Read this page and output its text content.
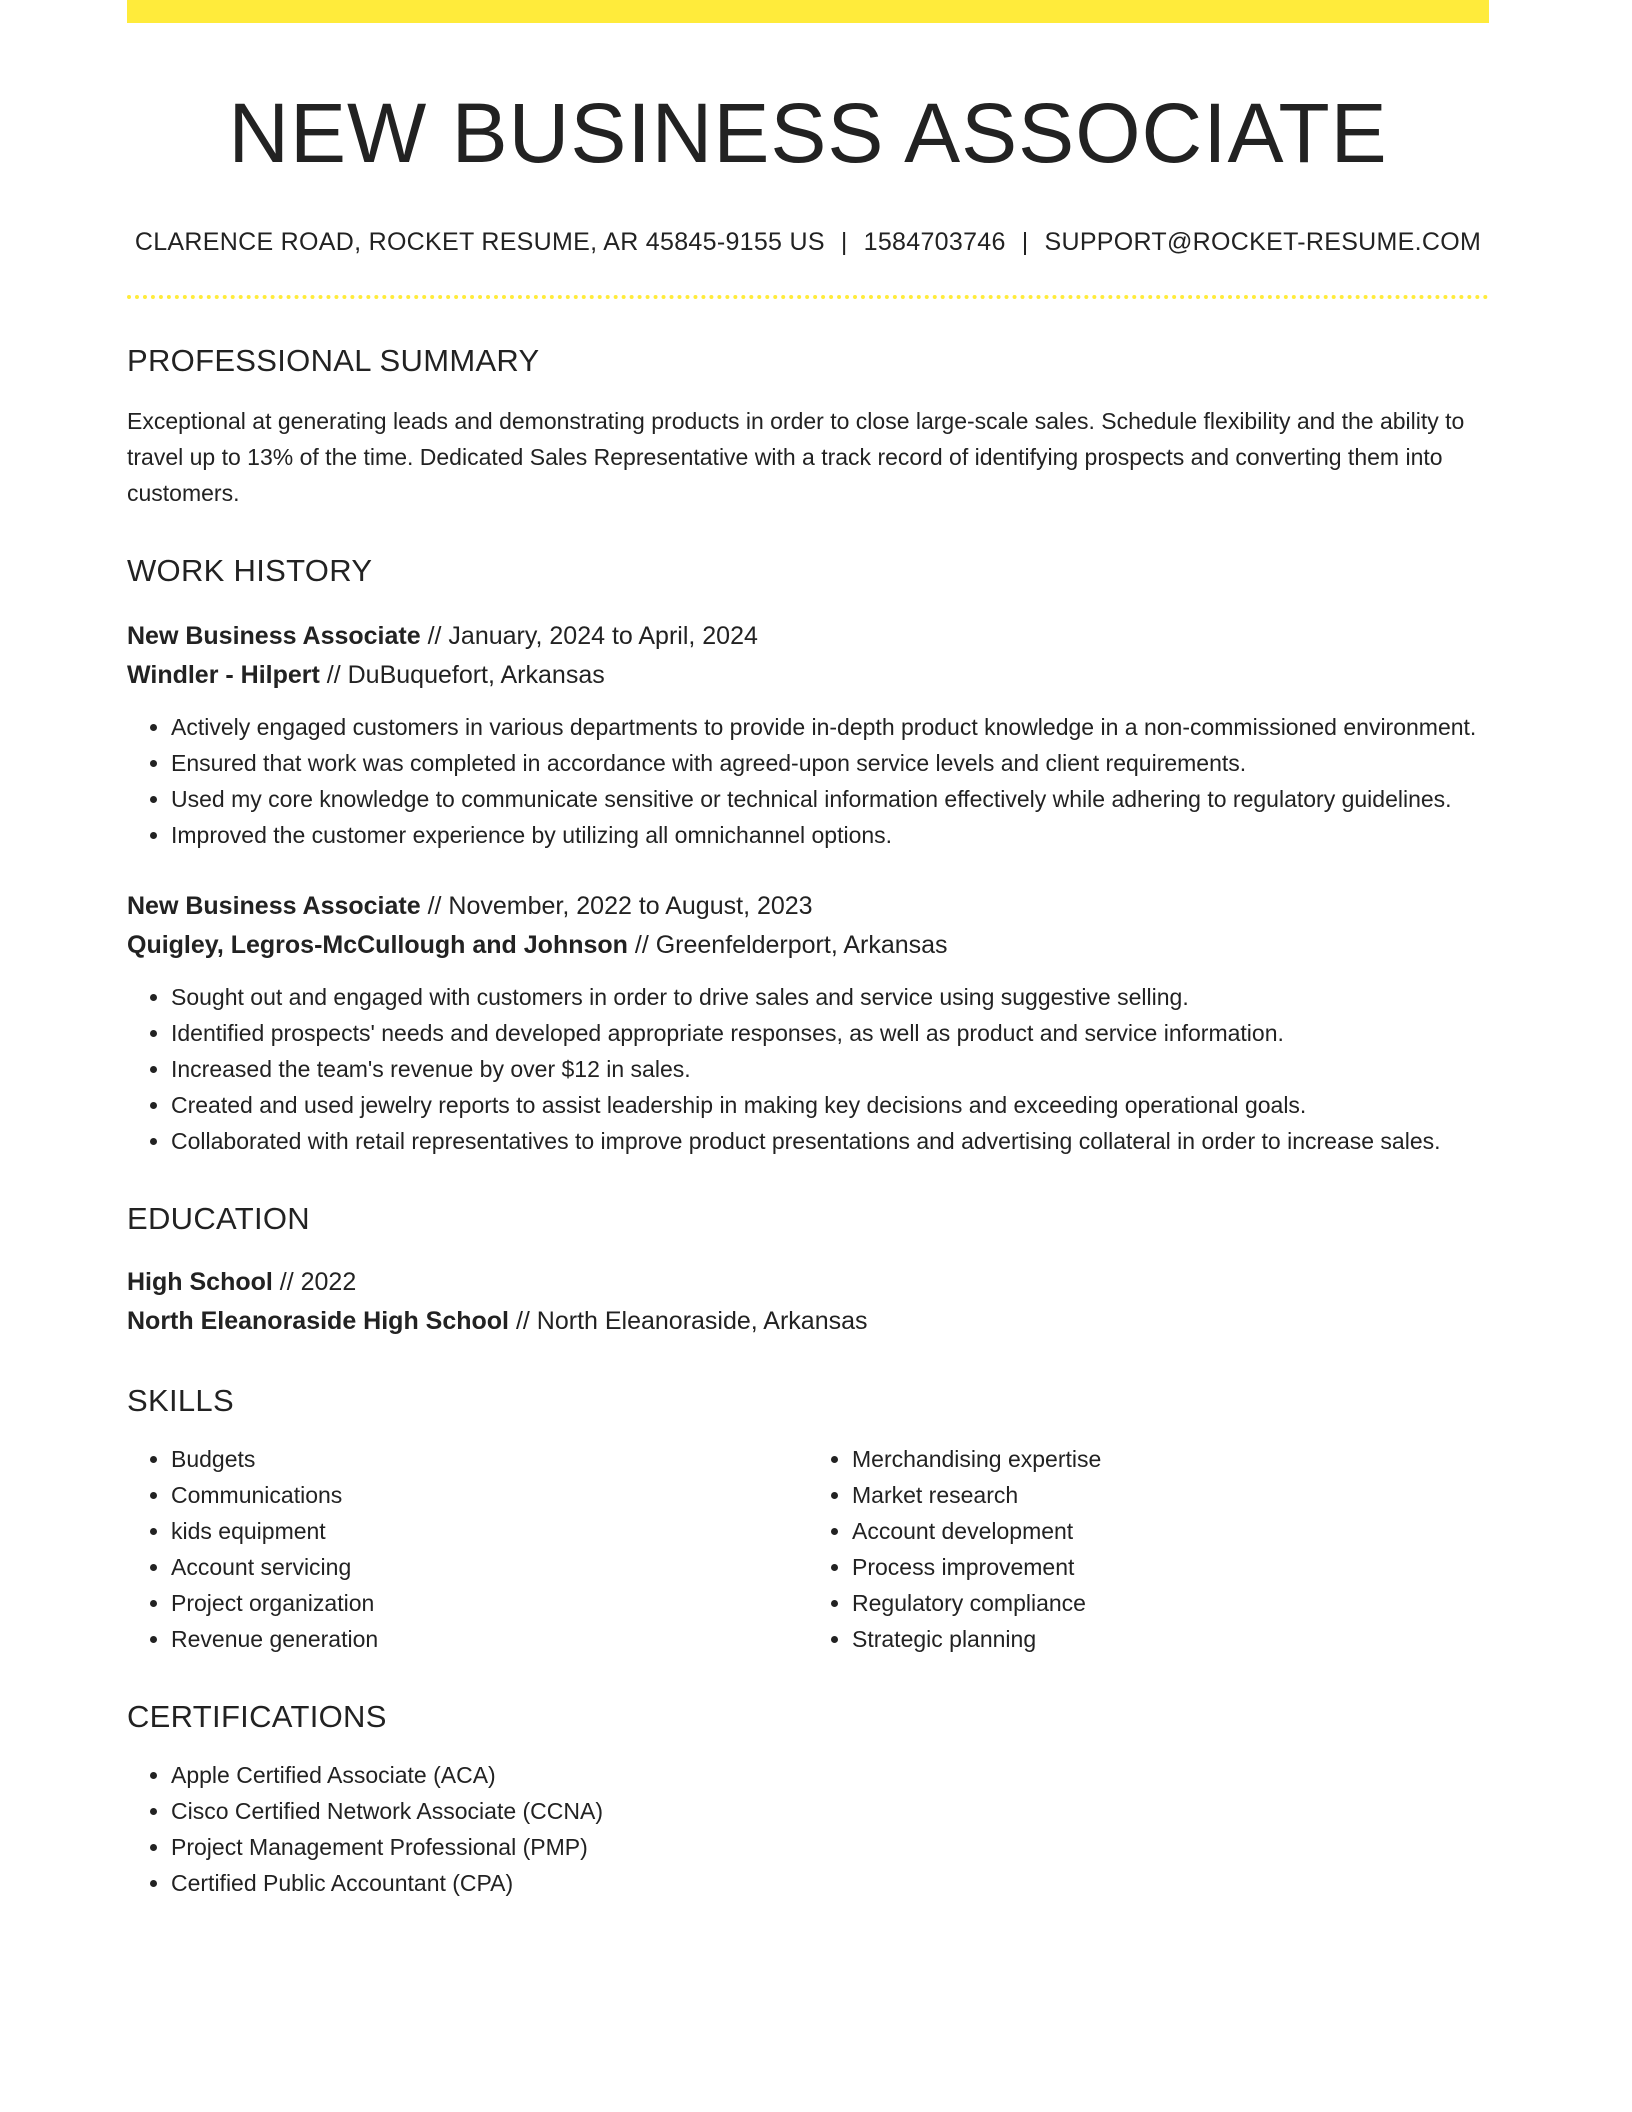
NEW BUSINESS ASSOCIATE
CLARENCE ROAD, ROCKET RESUME, AR 45845-9155 US | 1584703746 | SUPPORT@ROCKET-RESUME.COM
PROFESSIONAL SUMMARY

Exceptional at generating leads and demonstrating products in order to close large-scale sales. Schedule flexibility and the ability to travel up to 13% of the time. Dedicated Sales Representative with a track record of identifying prospects and converting them into customers.

WORK HISTORY
New Business Associate // January, 2024 to April, 2024
Windler - Hilpert // DuBuquefort, Arkansas
• Actively engaged customers in various departments to provide in-depth product knowledge in a non-commissioned environment.
• Ensured that work was completed in accordance with agreed-upon service levels and client requirements.
• Used my core knowledge to communicate sensitive or technical information effectively while adhering to regulatory guidelines.
• Improved the customer experience by utilizing all omnichannel options.
New Business Associate // November, 2022 to August, 2023
Quigley, Legros-McCullough and Johnson // Greenfelderport, Arkansas
• Sought out and engaged with customers in order to drive sales and service using suggestive selling.
• Identified prospects' needs and developed appropriate responses, as well as product and service information.
• Increased the team's revenue by over $12 in sales.
• Created and used jewelry reports to assist leadership in making key decisions and exceeding operational goals.
• Collaborated with retail representatives to improve product presentations and advertising collateral in order to increase sales.
EDUCATION
High School // 2022
North Eleanoraside High School // North Eleanoraside, Arkansas
SKILLS
• Budgets
• Communications
• kids equipment
• Account servicing
• Project organization
• Revenue generation
• Merchandising expertise
• Market research
• Account development
• Process improvement
• Regulatory compliance
• Strategic planning
CERTIFICATIONS
• Apple Certified Associate (ACA)
• Cisco Certified Network Associate (CCNA)
• Project Management Professional (PMP)
• Certified Public Accountant (CPA)
